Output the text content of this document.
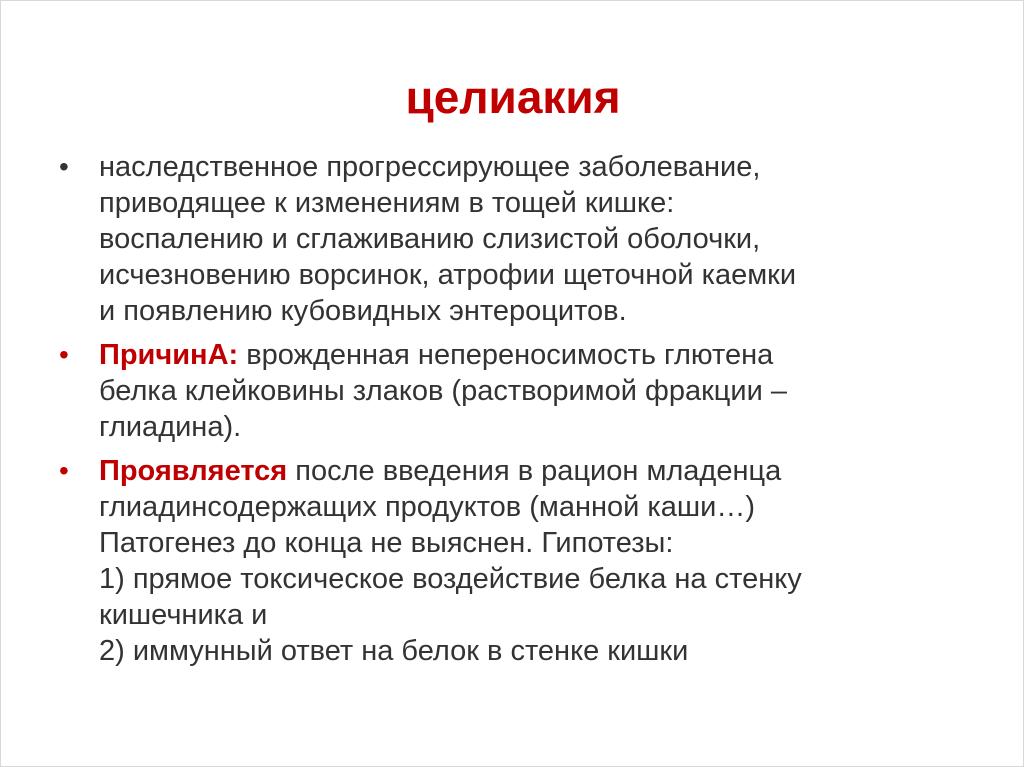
целиакия
• наследственное прогрессирующее заболевание,
приводящее к изменениям в тощей кишке:
воспалению и сглаживанию слизистой оболочки,
исчезновению ворсинок, атрофии щеточной каемки
и появлению кубовидных энтероцитов.
• ПричинА: врожденная непереносимость глютена
белка клейковины злаков (растворимой фракции –
глиадина).
• Проявляется после введения в рацион младенца
глиадинсодержащих продуктов (манной каши…)
Патогенез до конца не выяснен. Гипотезы:
1) прямое токсическое воздействие белка на стенку
кишечника и
2) иммунный ответ на белок в стенке кишки
